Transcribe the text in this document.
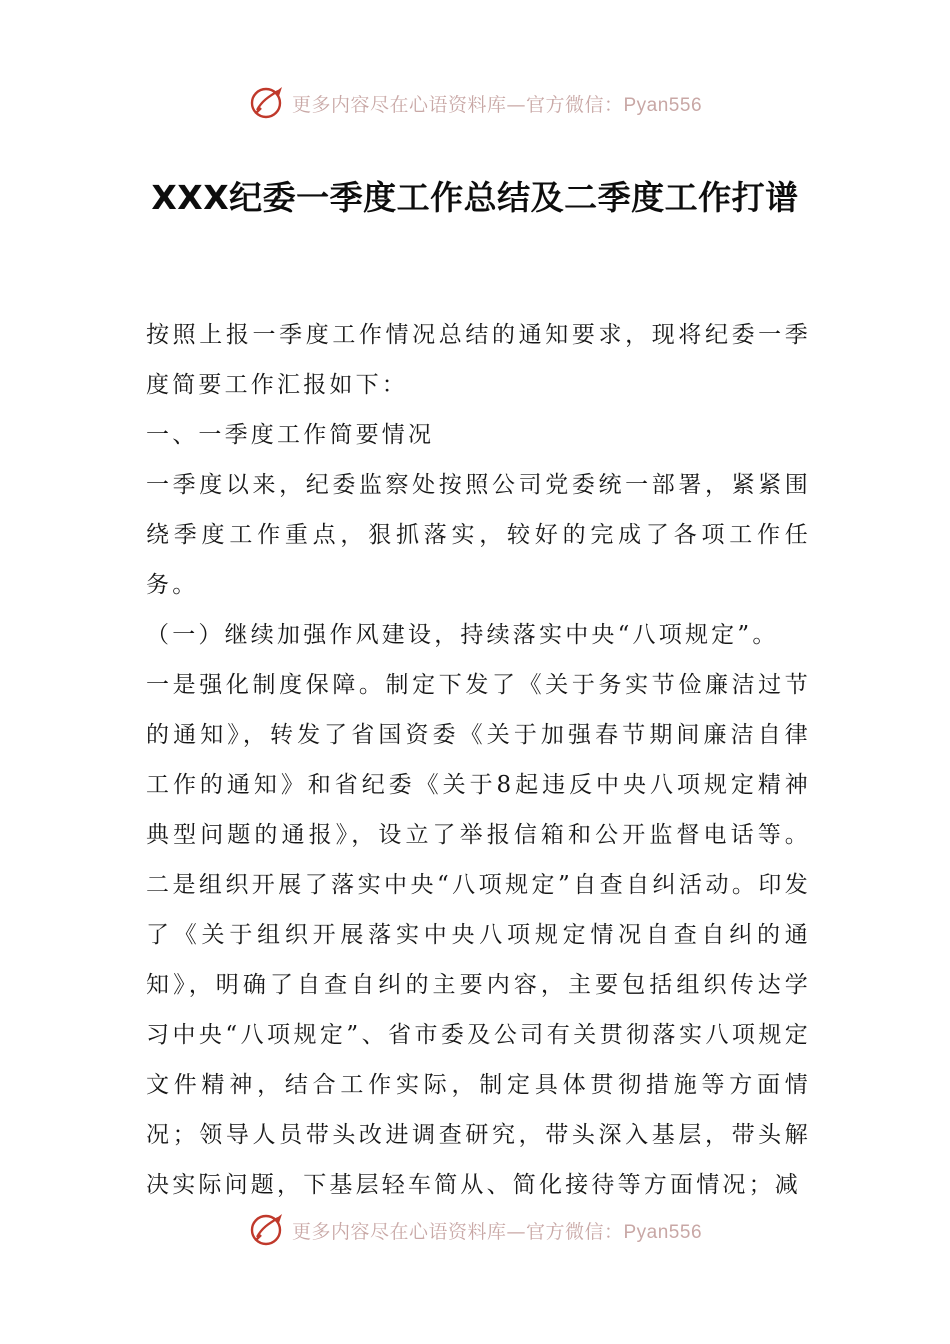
更多内容尽在心语资料库—官方微信：Pyan556
XXX纪委一季度工作总结及二季度工作打谱

按照上报一季度工作情况总结的通知要求，现将纪委一季度简要工作汇报如下：

一、一季度工作简要情况

一季度以来，纪委监察处按照公司党委统一部署，紧紧围绕季度工作重点，狠抓落实，较好的完成了各项工作任务。

（一）继续加强作风建设，持续落实中央“八项规定”。

一是强化制度保障。制定下发了《关于务实节俭廉洁过节的通知》，转发了省国资委《关于加强春节期间廉洁自律工作的通知》和省纪委《关于8起违反中央八项规定精神典型问题的通报》，设立了举报信箱和公开监督电话等。二是组织开展了落实中央“八项规定”自查自纠活动。印发了《关于组织开展落实中央八项规定情况自查自纠的通知》，明确了自查自纠的主要内容，主要包括组织传达学习中央“八项规定”、省市委及公司有关贯彻落实八项规定文件精神，结合工作实际，制定具体贯彻措施等方面情况；领导人员带头改进调查研究，带头深入基层，带头解决实际问题，下基层轻车简从、简化接待等方面情况；减

更多内容尽在心语资料库—官方微信：Pyan556
